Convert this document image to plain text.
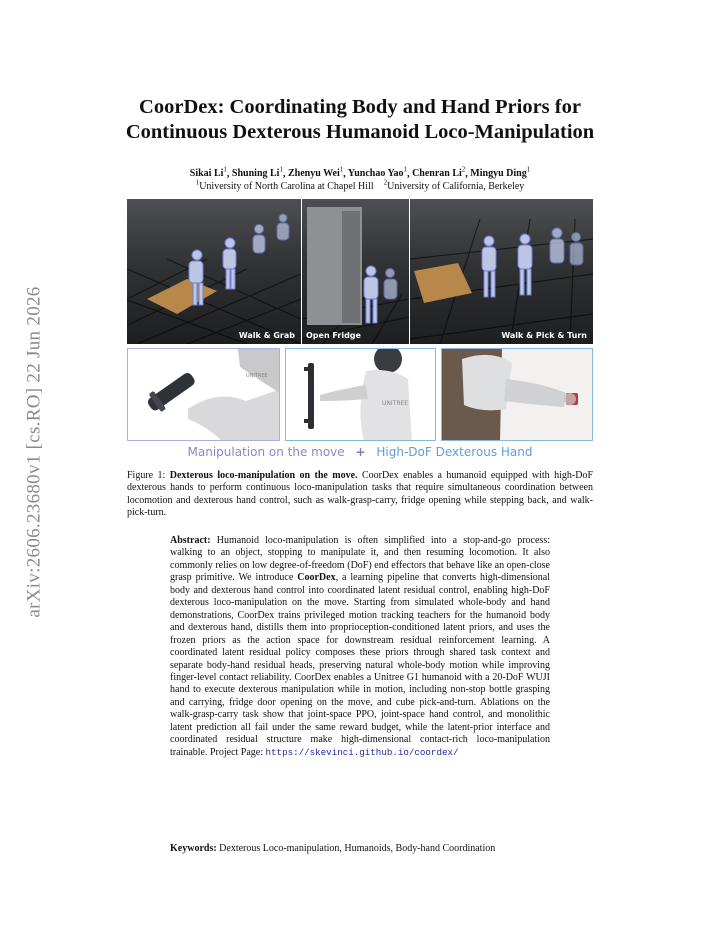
arXiv:2606.23680v1 [cs.RO] 22 Jun 2026
CoorDex: Coordinating Body and Hand Priors for
Continuous Dexterous Humanoid Loco-Manipulation
Sikai Li$^1$, Shuning Li$^1$, Zhenyu Wei$^1$, Yunchao Yao$^1$, Chenran Li$^2$, Mingyu Ding$^1$
$^1$University of North Carolina at Chapel Hill $^2$University of California, Berkeley
Walk & Grab Open Fridge	Walk & Pick & Turn
UNITREE
UNITREE
Manipulation on the move + High-DoF Dexterous Hand

Figure 1: Dexterous loco-manipulation on the move. CoorDex enables a humanoid equipped with high-DoF dexterous hands to perform continuous loco-manipulation tasks that require simultaneous coordination between locomotion and dexterous hand control, such as walk-grasp-carry, fridge opening while stepping back, and walk-pick-turn.

Abstract: Humanoid loco-manipulation is often simplified into a stop-and-go process: walking to an object, stopping to manipulate it, and then resuming locomotion. It also commonly relies on low degree-of-freedom (DoF) end effectors that behave like an open-close grasp primitive. We introduce CoorDex, a learning pipeline that converts high-dimensional body and dexterous hand control into coordinated latent residual control, enabling high-DoF dexterous loco-manipulation on the move. Starting from simulated whole-body and hand demonstrations, CoorDex trains privileged motion tracking teachers for the humanoid body and dexterous hand, distills them into proprioception-conditioned latent priors, and uses the frozen priors as the action space for downstream residual reinforcement learning. A coordinated latent residual policy composes these priors through shared task context and separate body-hand residual heads, preserving natural whole-body motion while improving finger-level contact reliability. CoorDex enables a Unitree G1 humanoid with a 20-DoF WUJI hand to execute dexterous manipulation while in motion, including non-stop bottle grasping and carrying, fridge door opening on the move, and cube pick-and-turn. Ablations on the walk-grasp-carry task show that joint-space PPO, joint-space hand control, and monolithic latent prediction all fail under the same reward budget, while the latent-prior interface and coordinated residual structure make high-dimensional contact-rich loco-manipulation trainable. Project Page: https://skevinci.github.io/coordex/

Keywords: Dexterous Loco-manipulation, Humanoids, Body-hand Coordination
